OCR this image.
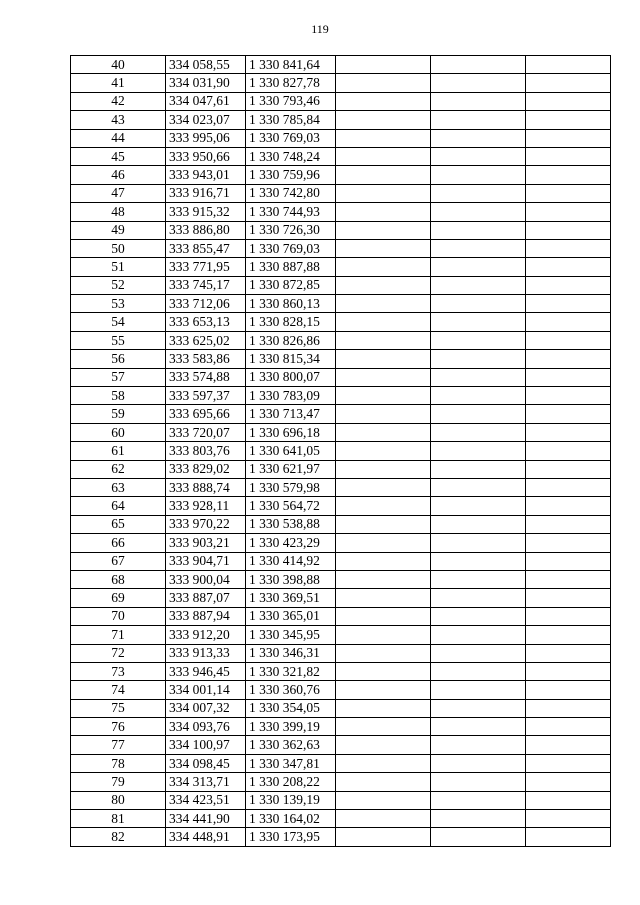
119
40	334 058,55	1 330 841,64			
41	334 031,90	1 330 827,78			
42	334 047,61	1 330 793,46			
43	334 023,07	1 330 785,84			
44	333 995,06	1 330 769,03			
45	333 950,66	1 330 748,24			
46	333 943,01	1 330 759,96			
47	333 916,71	1 330 742,80			
48	333 915,32	1 330 744,93			
49	333 886,80	1 330 726,30			
50	333 855,47	1 330 769,03			
51	333 771,95	1 330 887,88			
52	333 745,17	1 330 872,85			
53	333 712,06	1 330 860,13			
54	333 653,13	1 330 828,15			
55	333 625,02	1 330 826,86			
56	333 583,86	1 330 815,34			
57	333 574,88	1 330 800,07			
58	333 597,37	1 330 783,09			
59	333 695,66	1 330 713,47			
60	333 720,07	1 330 696,18			
61	333 803,76	1 330 641,05			
62	333 829,02	1 330 621,97			
63	333 888,74	1 330 579,98			
64	333 928,11	1 330 564,72			
65	333 970,22	1 330 538,88			
66	333 903,21	1 330 423,29			
67	333 904,71	1 330 414,92			
68	333 900,04	1 330 398,88			
69	333 887,07	1 330 369,51			
70	333 887,94	1 330 365,01			
71	333 912,20	1 330 345,95			
72	333 913,33	1 330 346,31			
73	333 946,45	1 330 321,82			
74	334 001,14	1 330 360,76			
75	334 007,32	1 330 354,05			
76	334 093,76	1 330 399,19			
77	334 100,97	1 330 362,63			
78	334 098,45	1 330 347,81			
79	334 313,71	1 330 208,22			
80	334 423,51	1 330 139,19			
81	334 441,90	1 330 164,02			
82	334 448,91	1 330 173,95			
